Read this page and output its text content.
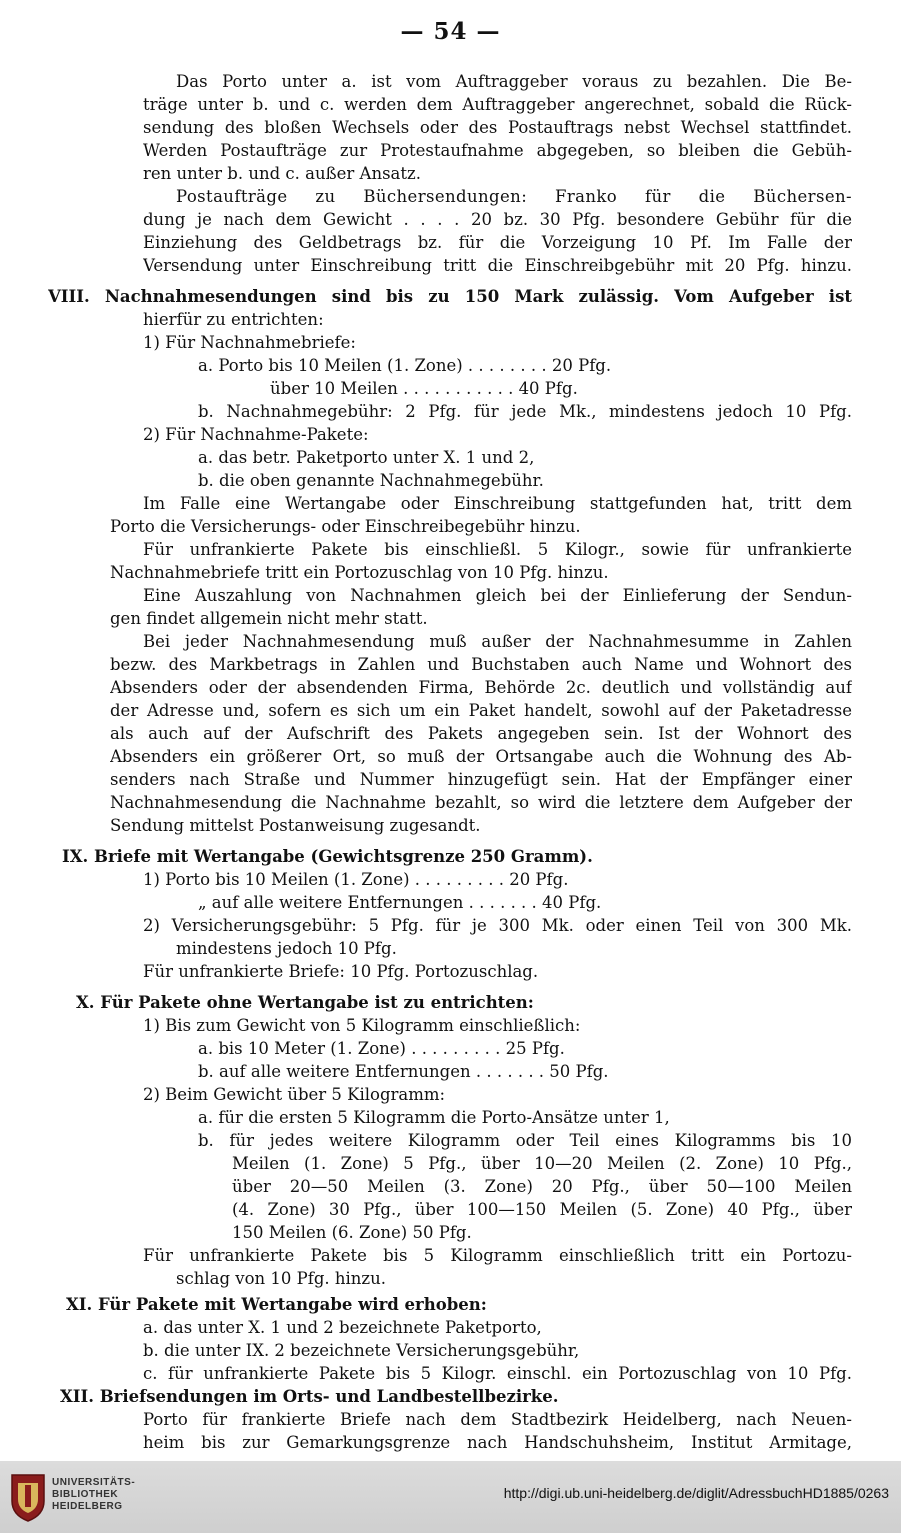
— 54 —
Das Porto unter a. ist vom Auftraggeber voraus zu bezahlen. Die Be-
träge unter b. und c. werden dem Auftraggeber angerechnet, sobald die Rück-
sendung des bloßen Wechsels oder des Postauftrags nebst Wechsel stattfindet.
Werden Postaufträge zur Protestaufnahme abgegeben, so bleiben die Gebüh-
ren unter b. und c. außer Ansatz.
Postaufträge zu Büchersendungen: Franko für die Büchersen-
dung je nach dem Gewicht . . . . 20 bz. 30 Pfg. besondere Gebühr für die
Einziehung des Geldbetrags bz. für die Vorzeigung 10 Pf. Im Falle der
Versendung unter Einschreibung tritt die Einschreibgebühr mit 20 Pfg. hinzu.
VIII. Nachnahmesendungen sind bis zu 150 Mark zulässig. Vom Aufgeber ist
hierfür zu entrichten:
1) Für Nachnahmebriefe:
a. Porto bis 10 Meilen (1. Zone) . . . . . . . . 20 Pfg.
über 10 Meilen . . . . . . . . . . . 40 Pfg.
b. Nachnahmegebühr: 2 Pfg. für jede Mk., mindestens jedoch 10 Pfg.
2) Für Nachnahme-Pakete:
a. das betr. Paketporto unter X. 1 und 2,
b. die oben genannte Nachnahmegebühr.
Im Falle eine Wertangabe oder Einschreibung stattgefunden hat, tritt dem
Porto die Versicherungs- oder Einschreibegebühr hinzu.
Für unfrankierte Pakete bis einschließl. 5 Kilogr., sowie für unfrankierte
Nachnahmebriefe tritt ein Portozuschlag von 10 Pfg. hinzu.
Eine Auszahlung von Nachnahmen gleich bei der Einlieferung der Sendun-
gen findet allgemein nicht mehr statt.
Bei jeder Nachnahmesendung muß außer der Nachnahmesumme in Zahlen
bezw. des Markbetrags in Zahlen und Buchstaben auch Name und Wohnort des
Absenders oder der absendenden Firma, Behörde 2c. deutlich und vollständig auf
der Adresse und, sofern es sich um ein Paket handelt, sowohl auf der Paketadresse
als auch auf der Aufschrift des Pakets angegeben sein. Ist der Wohnort des
Absenders ein größerer Ort, so muß der Ortsangabe auch die Wohnung des Ab-
senders nach Straße und Nummer hinzugefügt sein. Hat der Empfänger einer
Nachnahmesendung die Nachnahme bezahlt, so wird die letztere dem Aufgeber der
Sendung mittelst Postanweisung zugesandt.
IX. Briefe mit Wertangabe (Gewichtsgrenze 250 Gramm).
1) Porto bis 10 Meilen (1. Zone) . . . . . . . . . 20 Pfg.
„ auf alle weitere Entfernungen . . . . . . . 40 Pfg.
2) Versicherungsgebühr: 5 Pfg. für je 300 Mk. oder einen Teil von 300 Mk.
mindestens jedoch 10 Pfg.
Für unfrankierte Briefe: 10 Pfg. Portozuschlag.
X. Für Pakete ohne Wertangabe ist zu entrichten:
1) Bis zum Gewicht von 5 Kilogramm einschließlich:
a. bis 10 Meter (1. Zone) . . . . . . . . . 25 Pfg.
b. auf alle weitere Entfernungen . . . . . . . 50 Pfg.
2) Beim Gewicht über 5 Kilogramm:
a. für die ersten 5 Kilogramm die Porto-Ansätze unter 1,
b. für jedes weitere Kilogramm oder Teil eines Kilogramms bis 10
Meilen (1. Zone) 5 Pfg., über 10—20 Meilen (2. Zone) 10 Pfg.,
über 20—50 Meilen (3. Zone) 20 Pfg., über 50—100 Meilen
(4. Zone) 30 Pfg., über 100—150 Meilen (5. Zone) 40 Pfg., über
150 Meilen (6. Zone) 50 Pfg.
Für unfrankierte Pakete bis 5 Kilogramm einschließlich tritt ein Portozu-
schlag von 10 Pfg. hinzu.
XI. Für Pakete mit Wertangabe wird erhoben:
a. das unter X. 1 und 2 bezeichnete Paketporto,
b. die unter IX. 2 bezeichnete Versicherungsgebühr,
c. für unfrankierte Pakete bis 5 Kilogr. einschl. ein Portozuschlag von 10 Pfg.
XII. Briefsendungen im Orts- und Landbestellbezirke.
Porto für frankierte Briefe nach dem Stadtbezirk Heidelberg, nach Neuen-
heim bis zur Gemarkungsgrenze nach Handschuhsheim, Institut Armitage,
UNIVERSITÄTS-
BIBLIOTHEK
HEIDELBERG
http://digi.ub.uni-heidelberg.de/diglit/AdressbuchHD1885/0263
